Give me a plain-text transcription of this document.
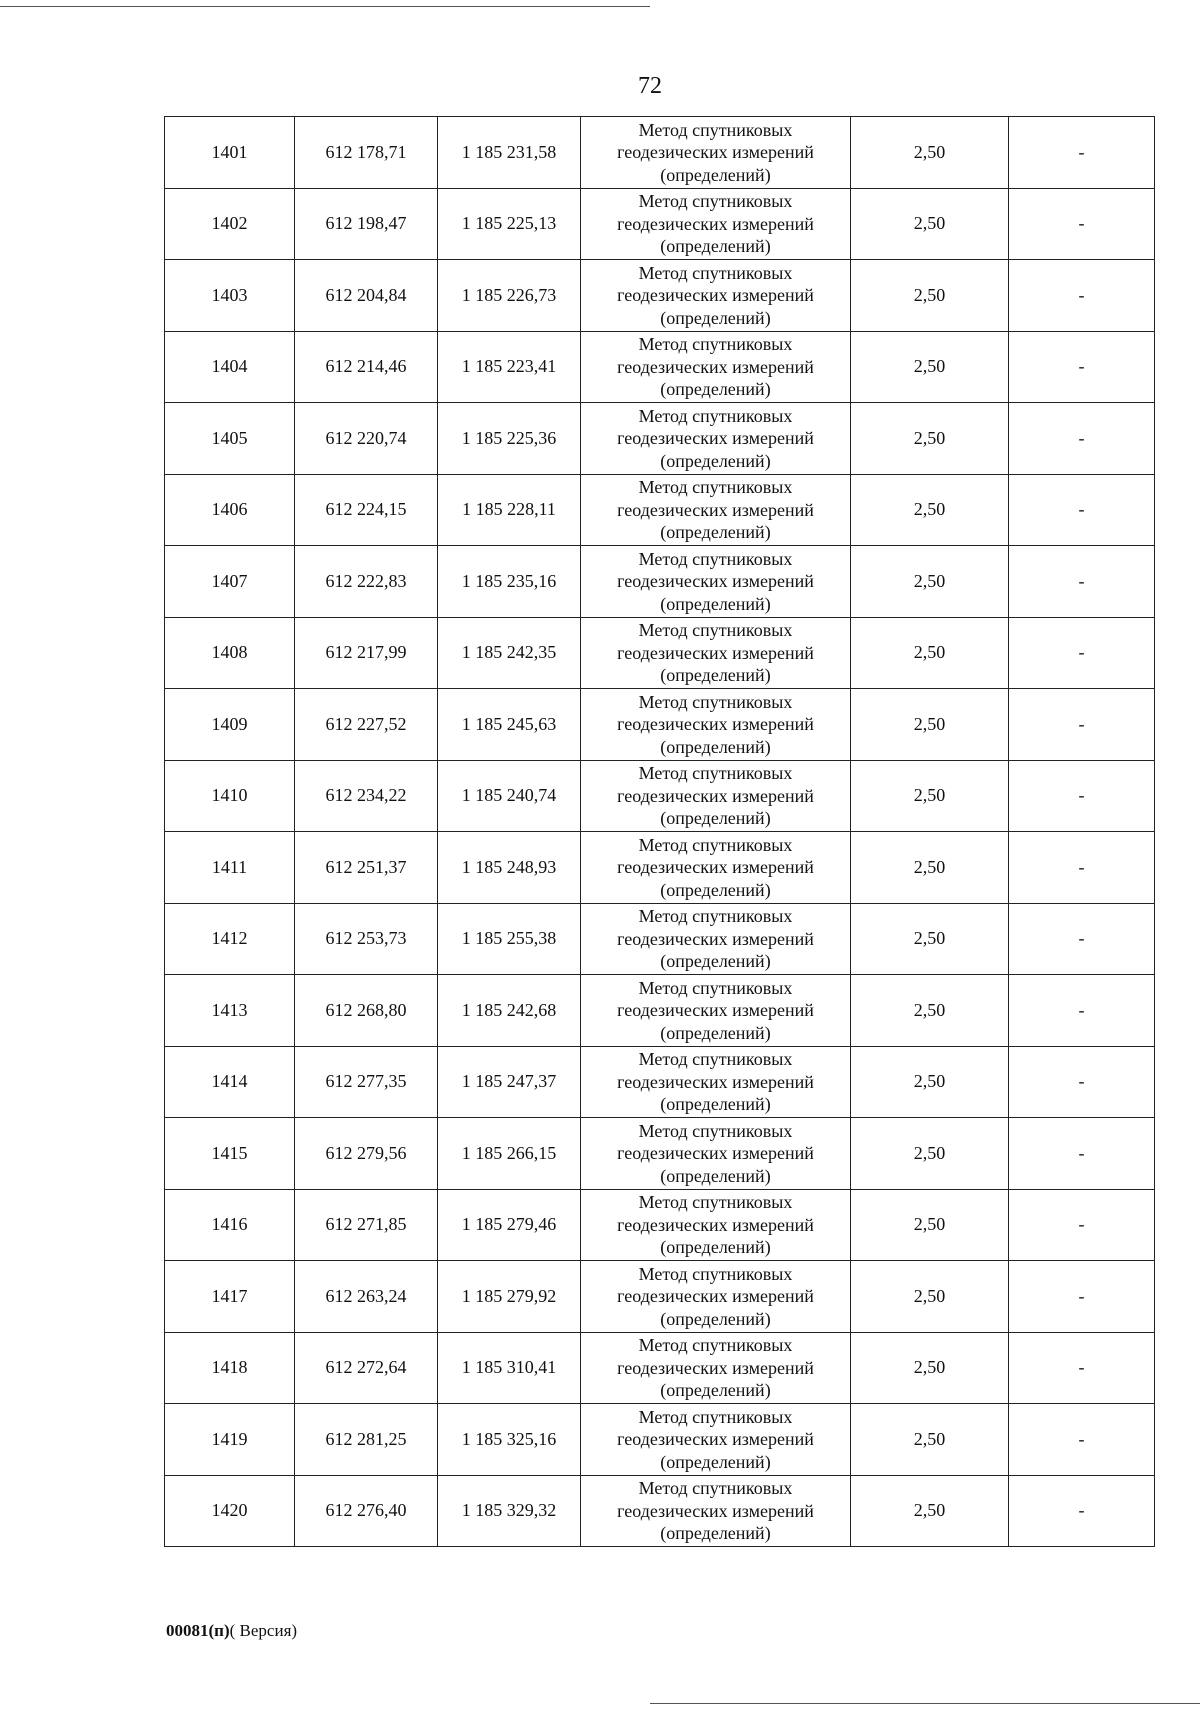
72
1401	612 178,71	1 185 231,58	Метод спутниковых
геодезических измерений
(определений)	2,50	-
1402	612 198,47	1 185 225,13	Метод спутниковых
геодезических измерений
(определений)	2,50	-
1403	612 204,84	1 185 226,73	Метод спутниковых
геодезических измерений
(определений)	2,50	-
1404	612 214,46	1 185 223,41	Метод спутниковых
геодезических измерений
(определений)	2,50	-
1405	612 220,74	1 185 225,36	Метод спутниковых
геодезических измерений
(определений)	2,50	-
1406	612 224,15	1 185 228,11	Метод спутниковых
геодезических измерений
(определений)	2,50	-
1407	612 222,83	1 185 235,16	Метод спутниковых
геодезических измерений
(определений)	2,50	-
1408	612 217,99	1 185 242,35	Метод спутниковых
геодезических измерений
(определений)	2,50	-
1409	612 227,52	1 185 245,63	Метод спутниковых
геодезических измерений
(определений)	2,50	-
1410	612 234,22	1 185 240,74	Метод спутниковых
геодезических измерений
(определений)	2,50	-
1411	612 251,37	1 185 248,93	Метод спутниковых
геодезических измерений
(определений)	2,50	-
1412	612 253,73	1 185 255,38	Метод спутниковых
геодезических измерений
(определений)	2,50	-
1413	612 268,80	1 185 242,68	Метод спутниковых
геодезических измерений
(определений)	2,50	-
1414	612 277,35	1 185 247,37	Метод спутниковых
геодезических измерений
(определений)	2,50	-
1415	612 279,56	1 185 266,15	Метод спутниковых
геодезических измерений
(определений)	2,50	-
1416	612 271,85	1 185 279,46	Метод спутниковых
геодезических измерений
(определений)	2,50	-
1417	612 263,24	1 185 279,92	Метод спутниковых
геодезических измерений
(определений)	2,50	-
1418	612 272,64	1 185 310,41	Метод спутниковых
геодезических измерений
(определений)	2,50	-
1419	612 281,25	1 185 325,16	Метод спутниковых
геодезических измерений
(определений)	2,50	-
1420	612 276,40	1 185 329,32	Метод спутниковых
геодезических измерений
(определений)	2,50	-
00081(п)( Версия)
